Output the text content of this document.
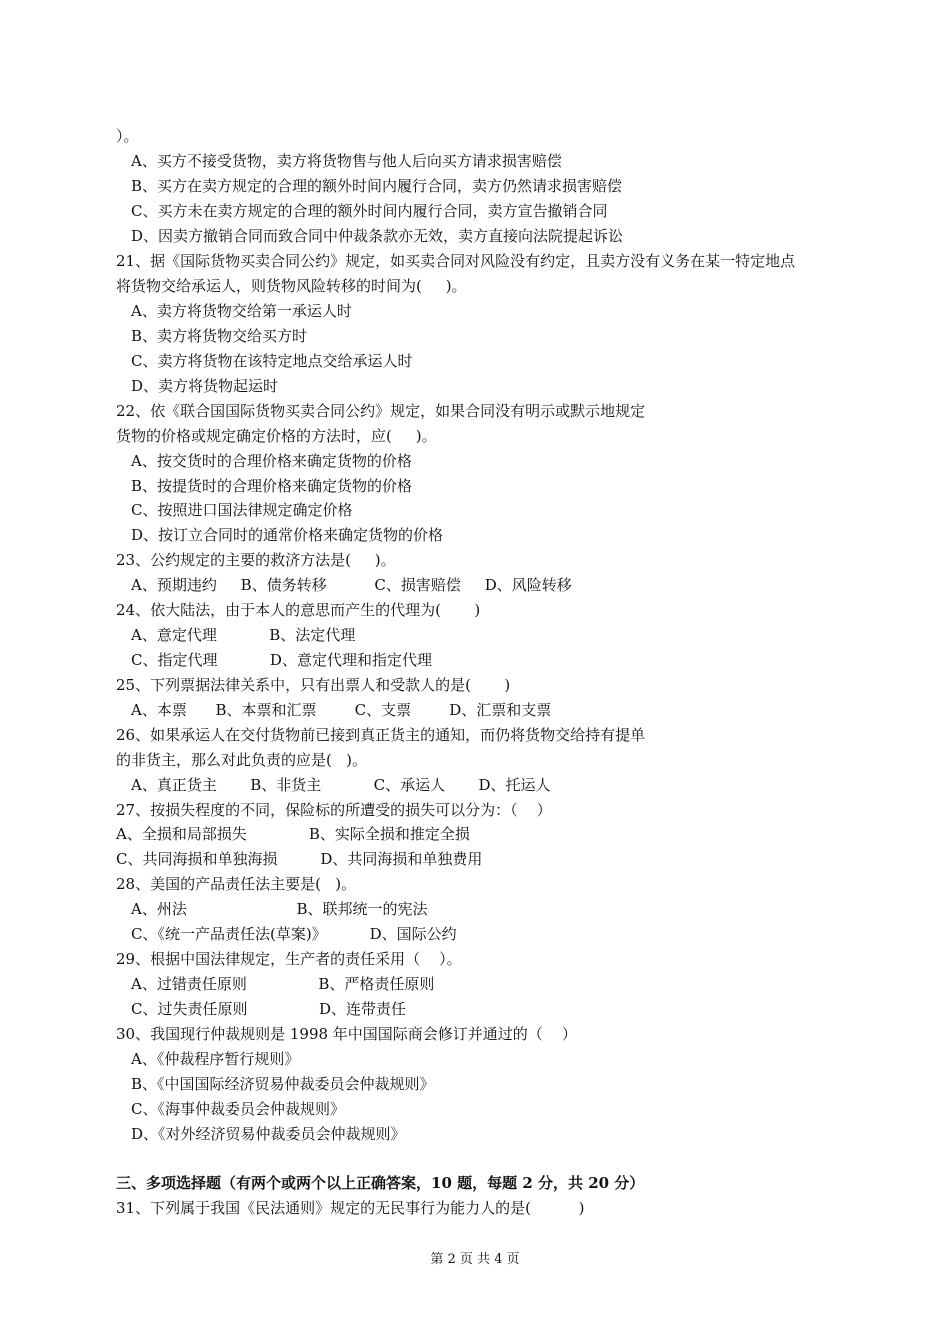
）。
A、买方不接受货物，卖方将货物售与他人后向买方请求损害赔偿
B、买方在卖方规定的合理的额外时间内履行合同，卖方仍然请求损害赔偿
C、买方未在卖方规定的合理的额外时间内履行合同，卖方宣告撤销合同
D、因卖方撤销合同而致合同中仲裁条款亦无效，卖方直接向法院提起诉讼
21、据《国际货物买卖合同公约》规定，如买卖合同对风险没有约定，且卖方没有义务在某一特定地点
将货物交给承运人，则货物风险转移的时间为(     )。
A、卖方将货物交给第一承运人时
B、卖方将货物交给买方时
C、卖方将货物在该特定地点交给承运人时
D、卖方将货物起运时
22、依《联合国国际货物买卖合同公约》规定，如果合同没有明示或默示地规定
货物的价格或规定确定价格的方法时，应(     )。
A、按交货时的合理价格来确定货物的价格
B、按提货时的合理价格来确定货物的价格
C、按照进口国法律规定确定价格
D、按订立合同时的通常价格来确定货物的价格
23、公约规定的主要的救济方法是(     )。
A、预期违约     B、债务转移          C、损害赔偿     D、风险转移
24、依大陆法，由于本人的意思而产生的代理为(       )
A、意定代理           B、法定代理
C、指定代理           D、意定代理和指定代理
25、下列票据法律关系中，只有出票人和受款人的是(       )
A、本票      B、本票和汇票        C、支票        D、汇票和支票
26、如果承运人在交付货物前已接到真正货主的通知，而仍将货物交给持有提单
的非货主，那么对此负责的应是(   )。
A、真正货主       B、非货主           C、承运人       D、托运人
27、按损失程度的不同，保险标的所遭受的损失可以分为：（    ）
A、全损和局部损失             B、实际全损和推定全损
C、共同海损和单独海损         D、共同海损和单独费用
28、美国的产品责任法主要是(   )。
A、州法                       B、联邦统一的宪法
C、《统一产品责任法(草案)》         D、国际公约
29、根据中国法律规定，生产者的责任采用（    ）。
A、过错责任原则               B、严格责任原则
C、过失责任原则               D、连带责任
30、我国现行仲裁规则是 1998 年中国国际商会修订并通过的（    ）
A、《仲裁程序暂行规则》
B、《中国国际经济贸易仲裁委员会仲裁规则》
C、《海事仲裁委员会仲裁规则》
D、《对外经济贸易仲裁委员会仲裁规则》
三、多项选择题（有两个或两个以上正确答案，10 题，每题 2 分，共 20 分）
31、下列属于我国《民法通则》规定的无民事行为能力人的是(          )
第 2 页 共 4 页
